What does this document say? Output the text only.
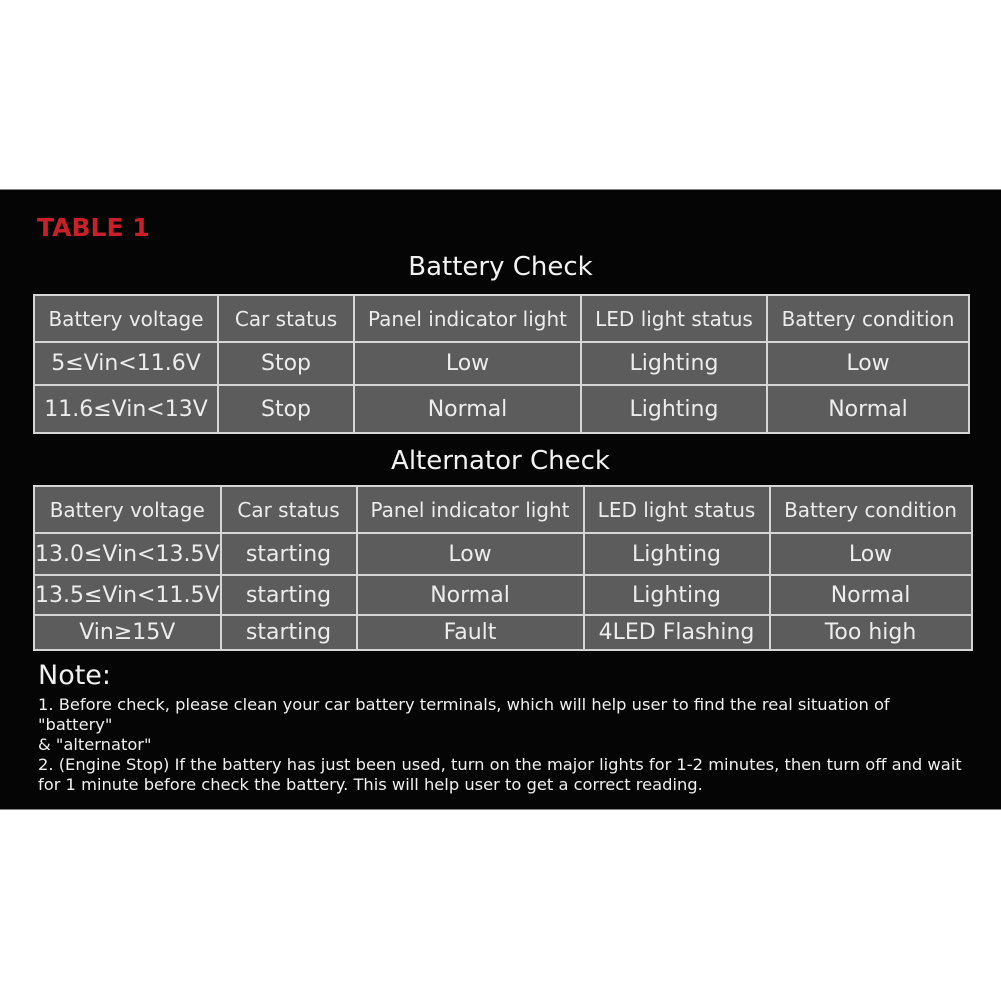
TABLE 1
Battery Check
Battery voltage	Car status	Panel indicator light	LED light status	Battery condition
5≤Vin<11.6V	Stop	Low	Lighting	Low
11.6≤Vin<13V	Stop	Normal	Lighting	Normal
Alternator Check
Battery voltage	Car status	Panel indicator light	LED light status	Battery condition
13.0≤Vin<13.5V	starting	Low	Lighting	Low
13.5≤Vin<11.5V	starting	Normal	Lighting	Normal
Vin≥15V	starting	Fault	4LED Flashing	Too high
Note:
1. Before check, please clean your car battery terminals, which will help user to find the real situation of "battery"
& "alternator"
2. (Engine Stop) If the battery has just been used, turn on the major lights for 1-2 minutes, then turn off and wait
for 1 minute before check the battery. This will help user to get a correct reading.
